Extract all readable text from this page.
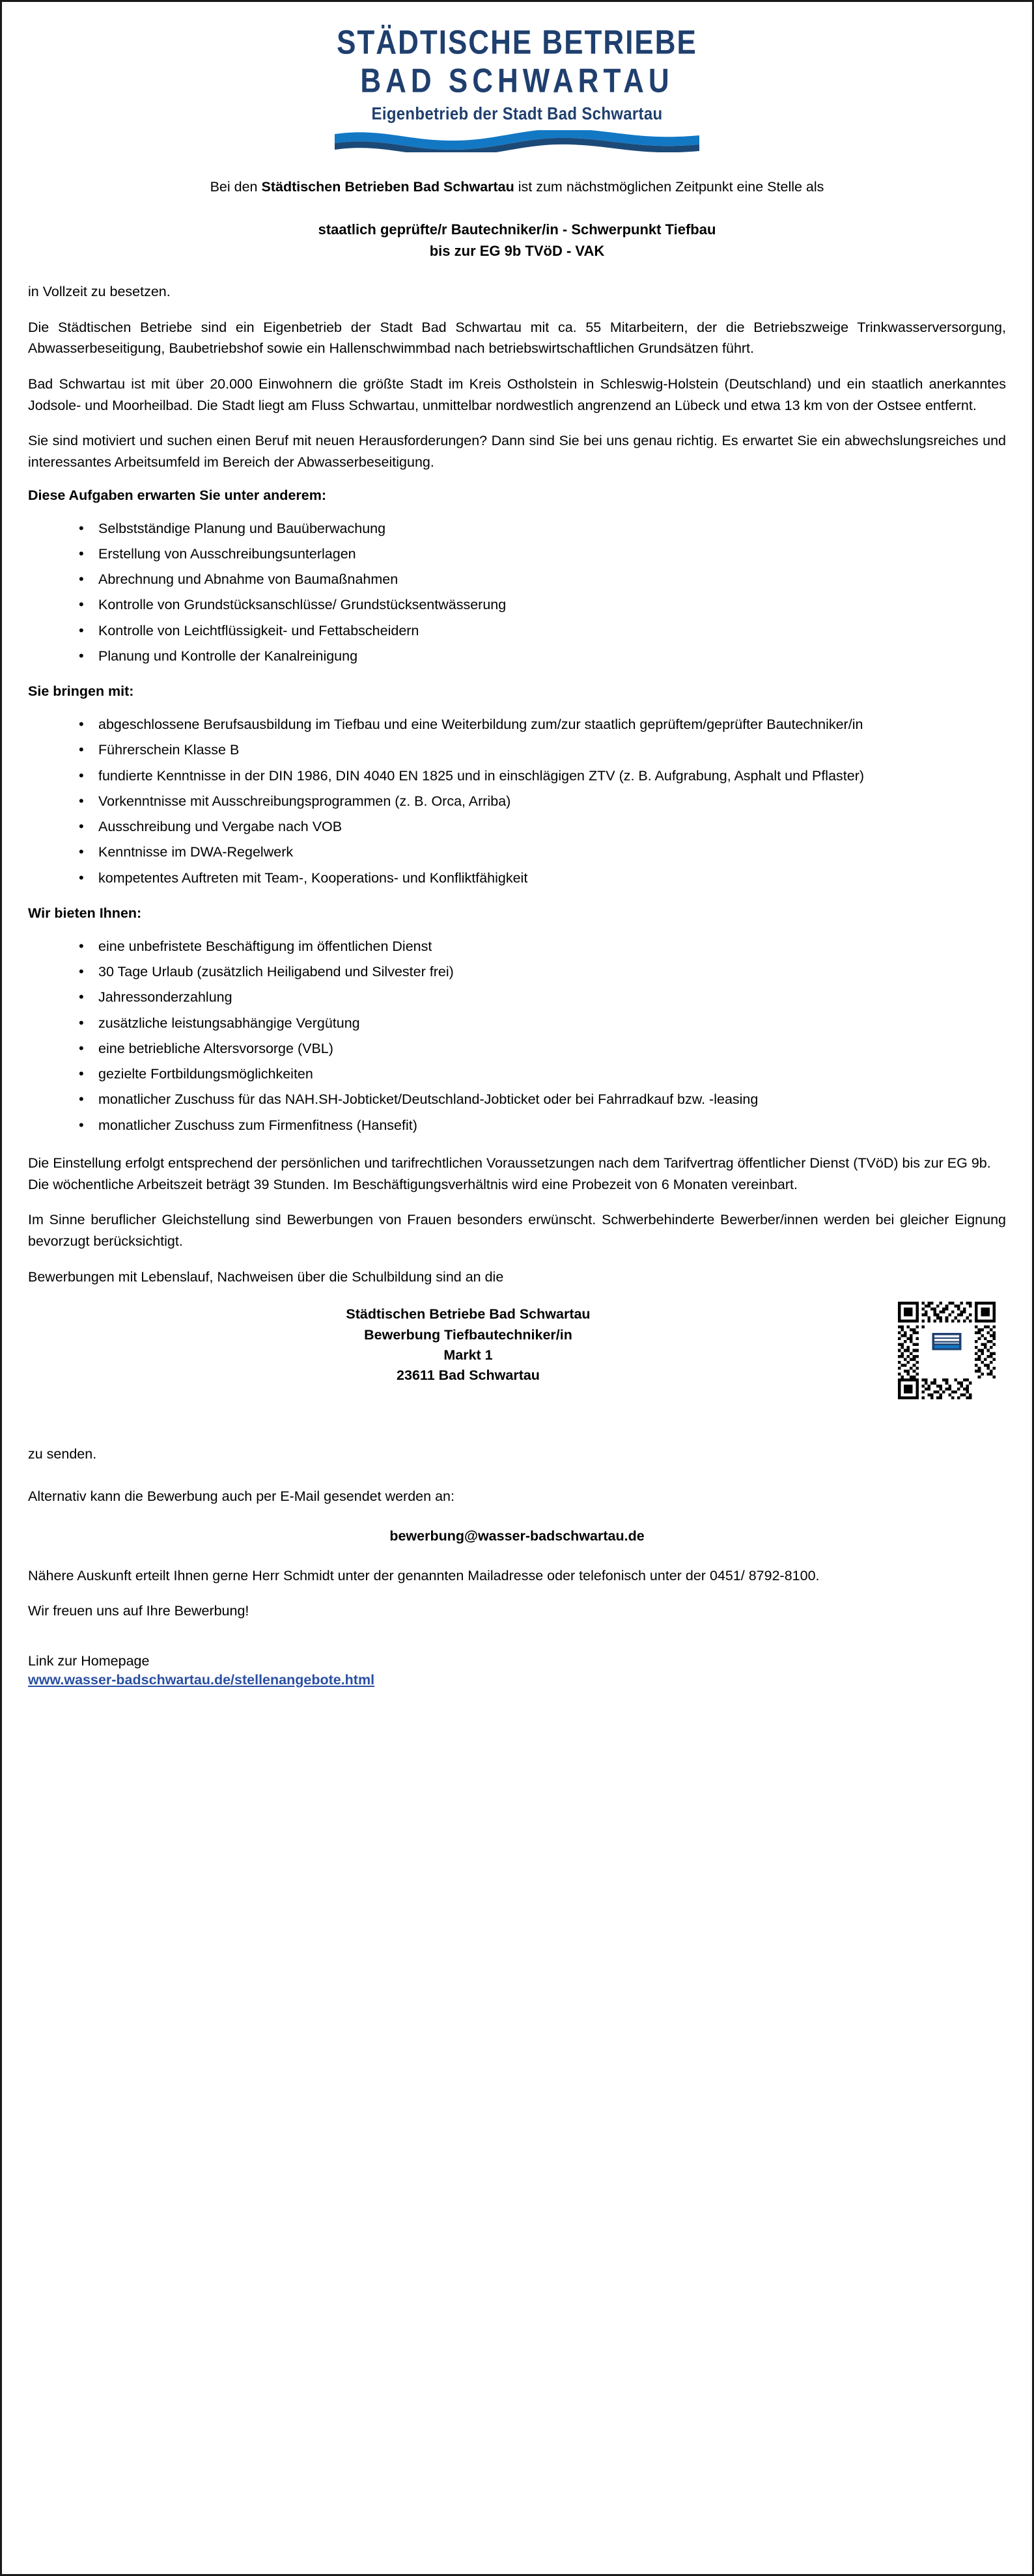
STÄDTISCHE BETRIEBE
BAD SCHWARTAU
Eigenbetrieb der Stadt Bad Schwartau

Bei den Städtischen Betrieben Bad Schwartau ist zum nächstmöglichen Zeitpunkt eine Stelle als

staatlich geprüfte/r Bautechniker/in - Schwerpunkt Tiefbau
bis zur EG 9b TVöD - VAK

in Vollzeit zu besetzen.

Die Städtischen Betriebe sind ein Eigenbetrieb der Stadt Bad Schwartau mit ca. 55 Mitarbeitern, der die Betriebszweige Trinkwasserversorgung, Abwasserbeseitigung, Baubetriebshof sowie ein Hallenschwimmbad nach betriebswirtschaftlichen Grundsätzen führt.

Bad Schwartau ist mit über 20.000 Einwohnern die größte Stadt im Kreis Ostholstein in Schleswig-Holstein (Deutschland) und ein staatlich anerkanntes Jodsole- und Moorheilbad. Die Stadt liegt am Fluss Schwartau, unmittelbar nordwestlich angrenzend an Lübeck und etwa 13 km von der Ostsee entfernt.

Sie sind motiviert und suchen einen Beruf mit neuen Herausforderungen? Dann sind Sie bei uns genau richtig. Es erwartet Sie ein abwechslungsreiches und interessantes Arbeitsumfeld im Bereich der Abwasserbeseitigung.

Diese Aufgaben erwarten Sie unter anderem:
• Selbstständige Planung und Bauüberwachung
• Erstellung von Ausschreibungsunterlagen
• Abrechnung und Abnahme von Baumaßnahmen
• Kontrolle von Grundstücksanschlüsse/ Grundstücksentwässerung
• Kontrolle von Leichtflüssigkeit- und Fettabscheidern
• Planung und Kontrolle der Kanalreinigung
Sie bringen mit:
• abgeschlossene Berufsausbildung im Tiefbau und eine Weiterbildung zum/zur staatlich geprüftem/geprüfter Bautechniker/in
• Führerschein Klasse B
• fundierte Kenntnisse in der DIN 1986, DIN 4040 EN 1825 und in einschlägigen ZTV (z. B. Aufgrabung, Asphalt und Pflaster)
• Vorkenntnisse mit Ausschreibungsprogrammen (z. B. Orca, Arriba)
• Ausschreibung und Vergabe nach VOB
• Kenntnisse im DWA-Regelwerk
• kompetentes Auftreten mit Team-, Kooperations- und Konfliktfähigkeit
Wir bieten Ihnen:
• eine unbefristete Beschäftigung im öffentlichen Dienst
• 30 Tage Urlaub (zusätzlich Heiligabend und Silvester frei)
• Jahressonderzahlung
• zusätzliche leistungsabhängige Vergütung
• eine betriebliche Altersvorsorge (VBL)
• gezielte Fortbildungsmöglichkeiten
• monatlicher Zuschuss für das NAH.SH-Jobticket/Deutschland-Jobticket oder bei Fahrradkauf bzw. -leasing
• monatlicher Zuschuss zum Firmenfitness (Hansefit)

Die Einstellung erfolgt entsprechend der persönlichen und tarifrechtlichen Voraussetzungen nach dem Tarifvertrag öffentlicher Dienst (TVöD) bis zur EG 9b.

Die wöchentliche Arbeitszeit beträgt 39 Stunden. Im Beschäftigungsverhältnis wird eine Probezeit von 6 Monaten vereinbart.

Im Sinne beruflicher Gleichstellung sind Bewerbungen von Frauen besonders erwünscht. Schwerbehinderte Bewerber/innen werden bei gleicher Eignung bevorzugt berücksichtigt.

Bewerbungen mit Lebenslauf, Nachweisen über die Schulbildung sind an die

Städtischen Betriebe Bad Schwartau
Bewerbung Tiefbautechniker/in
Markt 1
23611 Bad Schwartau

zu senden.

Alternativ kann die Bewerbung auch per E-Mail gesendet werden an:

bewerbung@wasser-badschwartau.de

Nähere Auskunft erteilt Ihnen gerne Herr Schmidt unter der genannten Mailadresse oder telefonisch unter der 0451/ 8792-8100.

Wir freuen uns auf Ihre Bewerbung!

Link zur Homepage

www.wasser-badschwartau.de/stellenangebote.html
